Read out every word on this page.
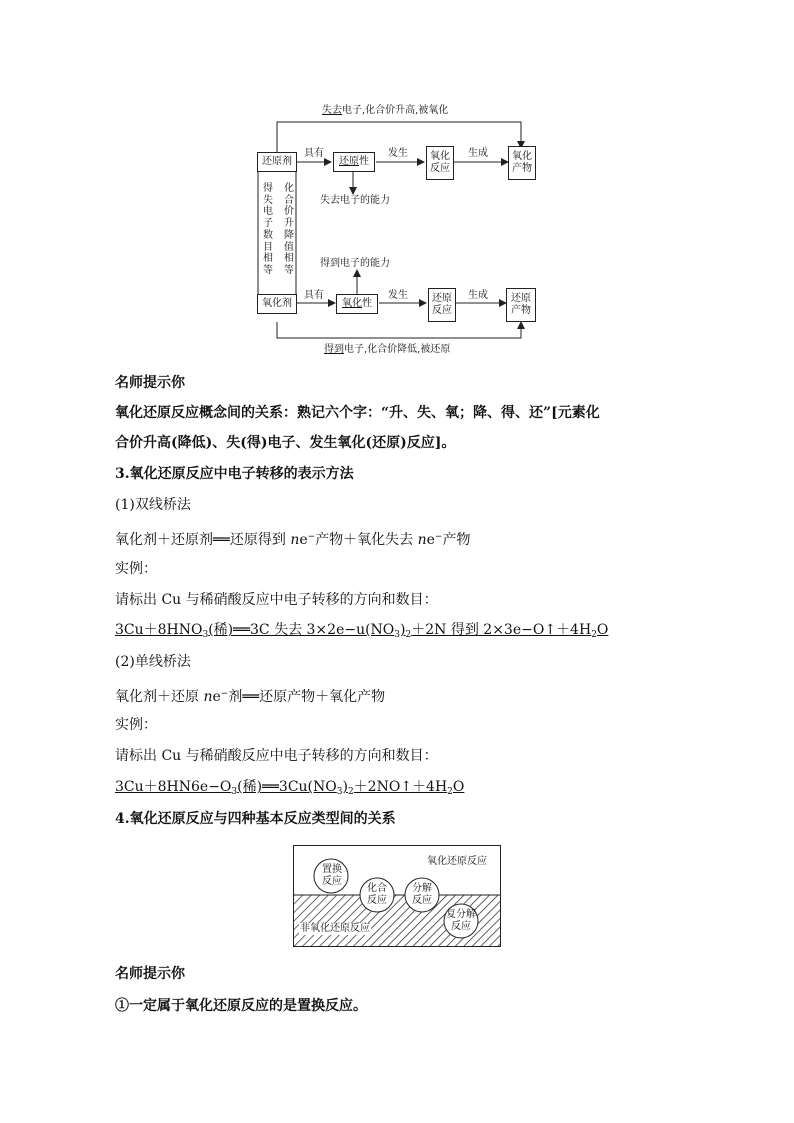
失去电子,化合价升高,被氧化
得到电子,化合价降低,被还原
还原剂
具有
还原 性
发生 氧化
反应
生成 氧化
产物
失去电子的能力
得失电子数目相等
化合价升降值相等
得到电子的能力
氧化剂
具有
氧化 性
发生 还原
反应
生成 还原
产物
名师提示你
氧化还原反应概念间的关系：熟记六个字：“升、失、氧；降、得、还”[元素化
合价升高(降低)、失(得)电子、发生氧化(还原)反应]。
3.氧化还原反应中电子转移的表示方法
(1)双线桥法
氧化剂＋还原剂══还原得到 ne−产物＋氧化失去 ne−产物
实例：
请标出 Cu 与稀硝酸反应中电子转移的方向和数目：
$3Cu+8HNO_3$(稀)══3C 失去 $3\times 2e-u(NO_3)_2+2N$ 得到 $2\times 3e-O↑+4H_2O$
(2)单线桥法
氧化剂＋还原 ne−剂══还原产物＋氧化产物
实例：
请标出 Cu 与稀硝酸反应中电子转移的方向和数目：
$3Cu+8HN6e-O_3$(稀)$══3Cu(NO_3)_2+2NO↑+4H_2O$
4.氧化还原反应与四种基本反应类型间的关系
氧化还原反应
非氧化还原反应
置换
反应
化合
反应
分解
反应
复分解
反应
名师提示你
①一定属于氧化还原反应的是置换反应。
